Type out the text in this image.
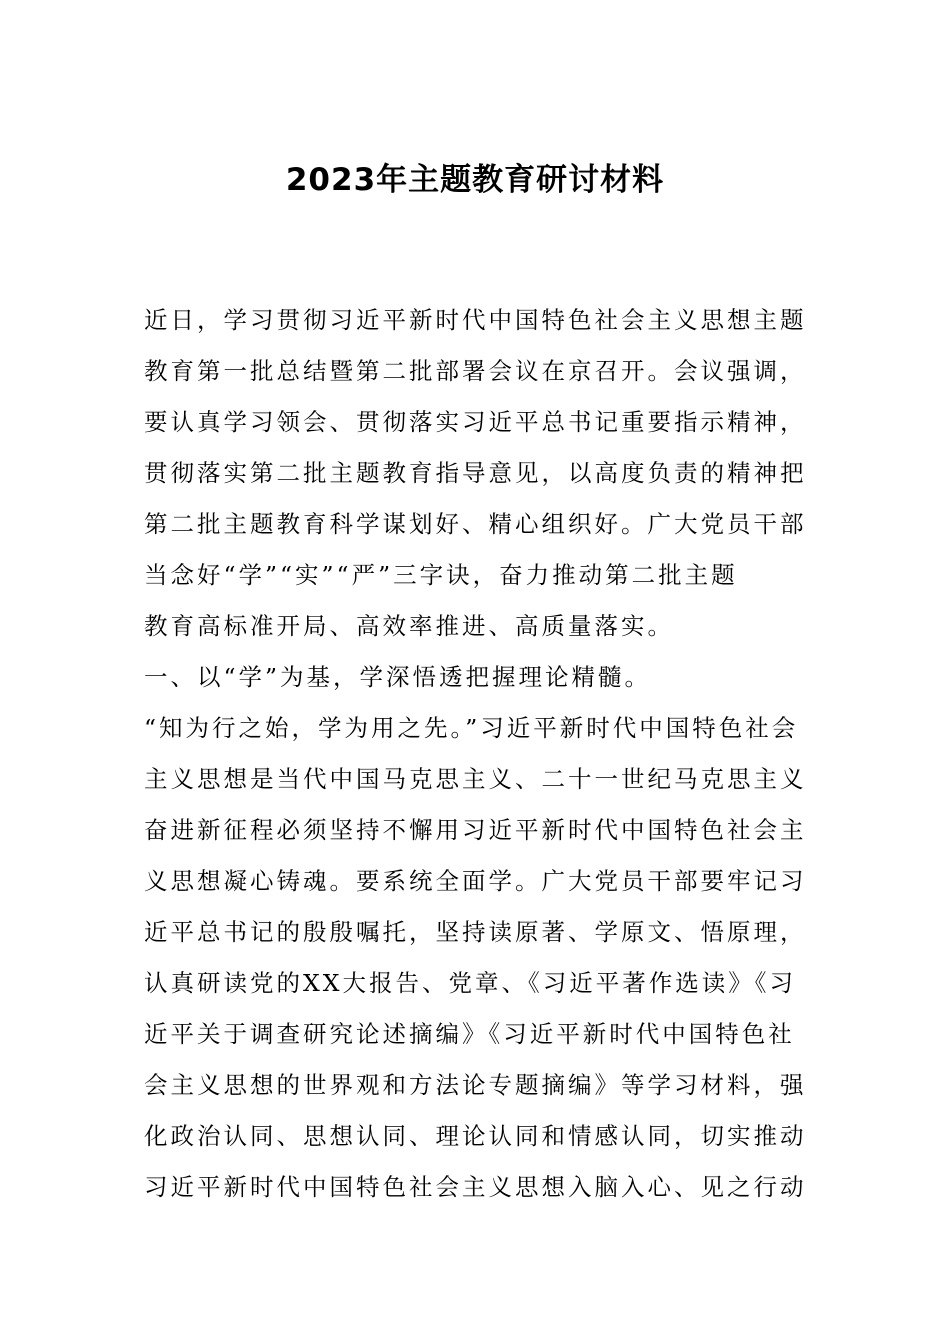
2023年主题教育研讨材料
近日，学习贯彻习近平新时代中国特色社会主义思想主题
教育第一批总结暨第二批部署会议在京召开。会议强调，
要认真学习领会、贯彻落实习近平总书记重要指示精神，
贯彻落实第二批主题教育指导意见，以高度负责的精神把
第二批主题教育科学谋划好、精心组织好。广大党员干部
当念好“学”“实”“严”三字诀，奋力推动第二批主题
教育高标准开局、高效率推进、高质量落实。
一、以“学”为基，学深悟透把握理论精髓。
“知为行之始，学为用之先。”习近平新时代中国特色社会
主义思想是当代中国马克思主义、二十一世纪马克思主义
奋进新征程必须坚持不懈用习近平新时代中国特色社会主
义思想凝心铸魂。要系统全面学。广大党员干部要牢记习
近平总书记的殷殷嘱托，坚持读原著、学原文、悟原理，
认真研读党的XX大报告、党章、《习近平著作选读》《习
近平关于调查研究论述摘编》《习近平新时代中国特色社
会主义思想的世界观和方法论专题摘编》等学习材料，强
化政治认同、思想认同、理论认同和情感认同，切实推动
习近平新时代中国特色社会主义思想入脑入心、见之行动
